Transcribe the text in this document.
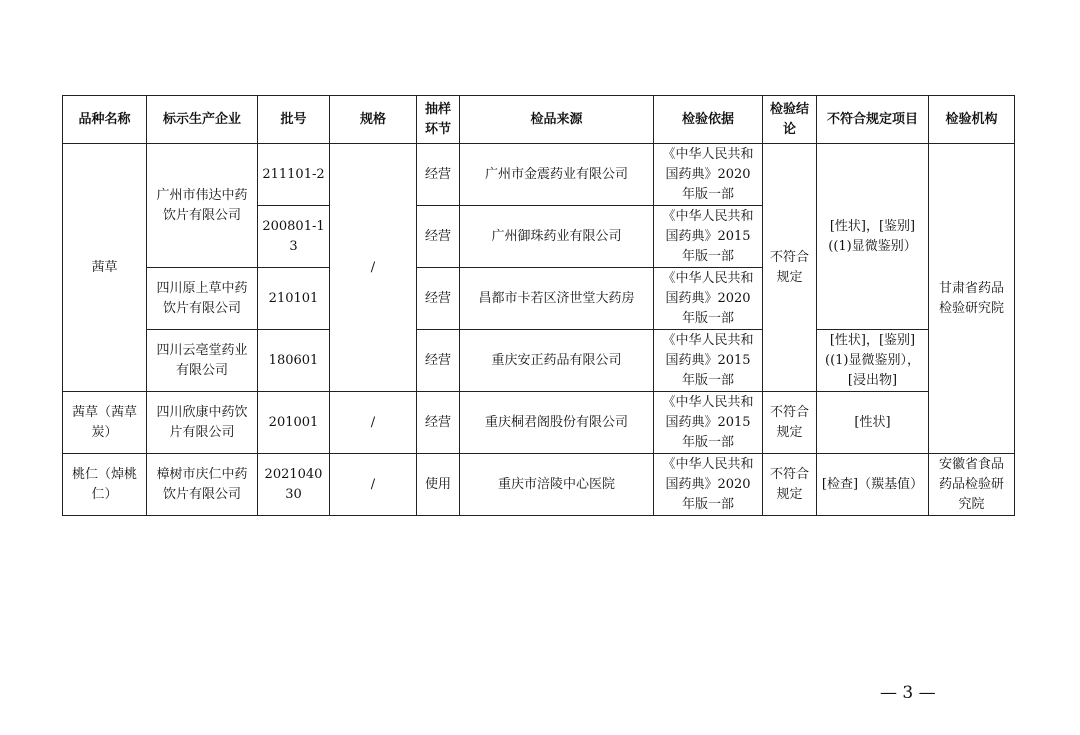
品种名称	标示生产企业	批号	规格	抽样环节	检品来源	检验依据	检验结论	不符合规定项目	检验机构
茜草	广州市伟达中药饮片有限公司	211101-2	/	经营	广州市金震药业有限公司	《中华人民共和国药典》2020 年版一部	不符合规定	[性状]，[鉴别]((1)显微鉴别）	甘肃省药品检验研究院
		200801-13		经营	广州御珠药业有限公司	《中华人民共和国药典》2015 年版一部			
	四川原上草中药饮片有限公司	210101		经营	昌都市卡若区济世堂大药房	《中华人民共和国药典》2020 年版一部			
	四川云亳堂药业有限公司	180601		经营	重庆安正药品有限公司	《中华人民共和国药典》2015 年版一部		[性状]，[鉴别]((1)显微鉴别），[浸出物]	
茜草（茜草炭）	四川欣康中药饮片有限公司	201001	/	经营	重庆桐君阁股份有限公司	《中华人民共和国药典》2015 年版一部	不符合规定	[性状]	
桃仁（焯桃仁）	樟树市庆仁中药饮片有限公司	202104030	/	使用	重庆市涪陵中心医院	《中华人民共和国药典》2020 年版一部	不符合规定	[检查]（羰基值）	安徽省食品药品检验研究院
— 3 —
